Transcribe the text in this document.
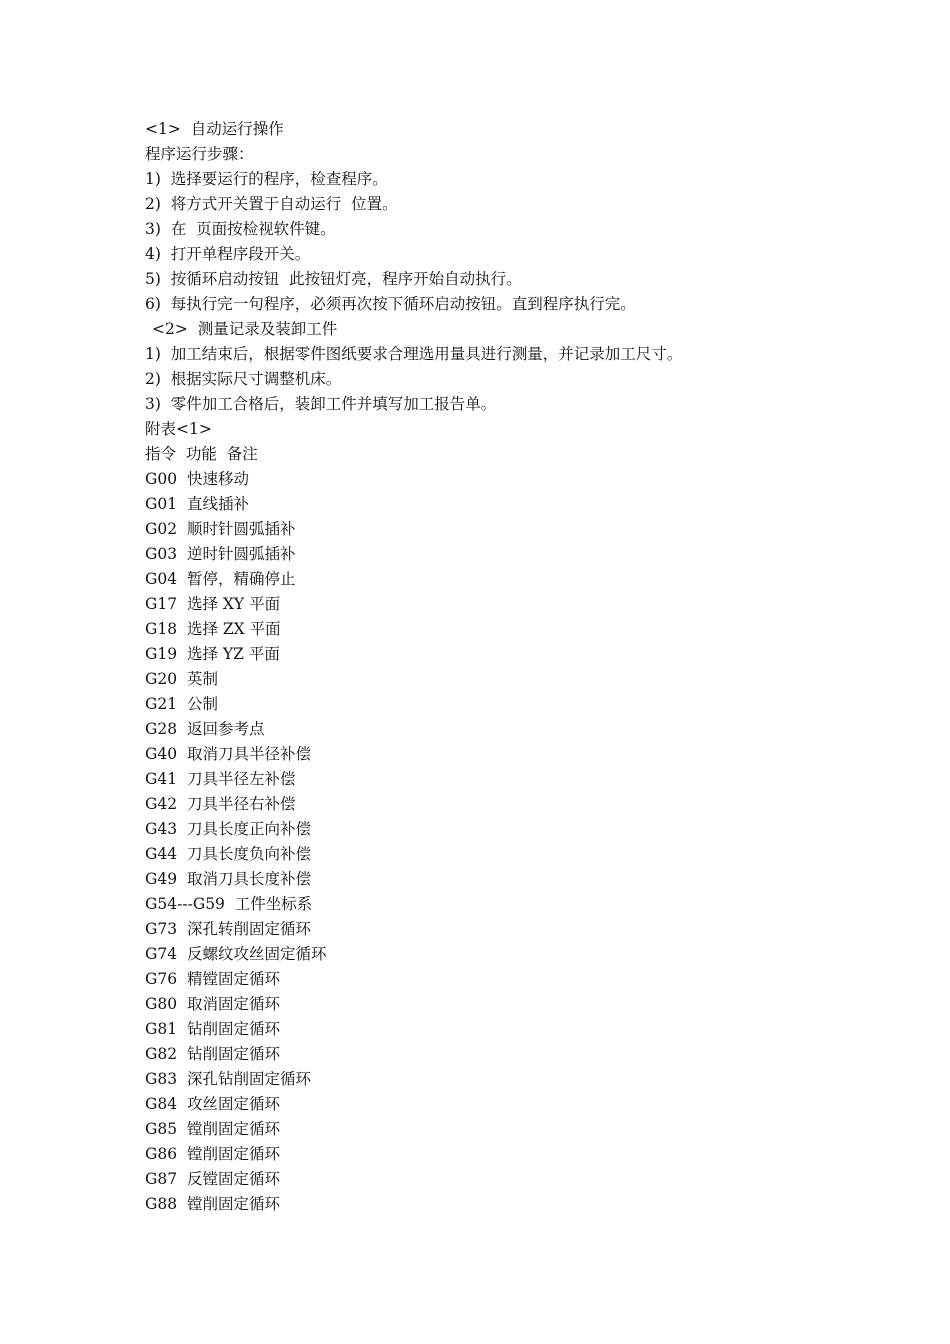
<1>  自动运行操作
程序运行步骤：
1)  选择要运行的程序，检查程序。
2)  将方式开关置于自动运行  位置。
3)  在  页面按检视软件键。
4)  打开单程序段开关。
5)  按循环启动按钮  此按钮灯亮，程序开始自动执行。
6)  每执行完一句程序，必须再次按下循环启动按钮。直到程序执行完。
<2>  测量记录及装卸工件
1)  加工结束后，根据零件图纸要求合理选用量具进行测量，并记录加工尺寸。
2)  根据实际尺寸调整机床。
3)  零件加工合格后，装卸工件并填写加工报告单。
附表<1>
指令  功能  备注
G00  快速移动
G01  直线插补
G02  顺时针圆弧插补
G03  逆时针圆弧插补
G04  暂停，精确停止
G17  选择 XY 平面
G18  选择 ZX 平面
G19  选择 YZ 平面
G20  英制
G21  公制
G28  返回参考点
G40  取消刀具半径补偿
G41  刀具半径左补偿
G42  刀具半径右补偿
G43  刀具长度正向补偿
G44  刀具长度负向补偿
G49  取消刀具长度补偿
G54---G59  工件坐标系
G73  深孔转削固定循环
G74  反螺纹攻丝固定循环
G76  精镗固定循环
G80  取消固定循环
G81  钻削固定循环
G82  钻削固定循环
G83  深孔钻削固定循环
G84  攻丝固定循环
G85  镗削固定循环
G86  镗削固定循环
G87  反镗固定循环
G88  镗削固定循环
